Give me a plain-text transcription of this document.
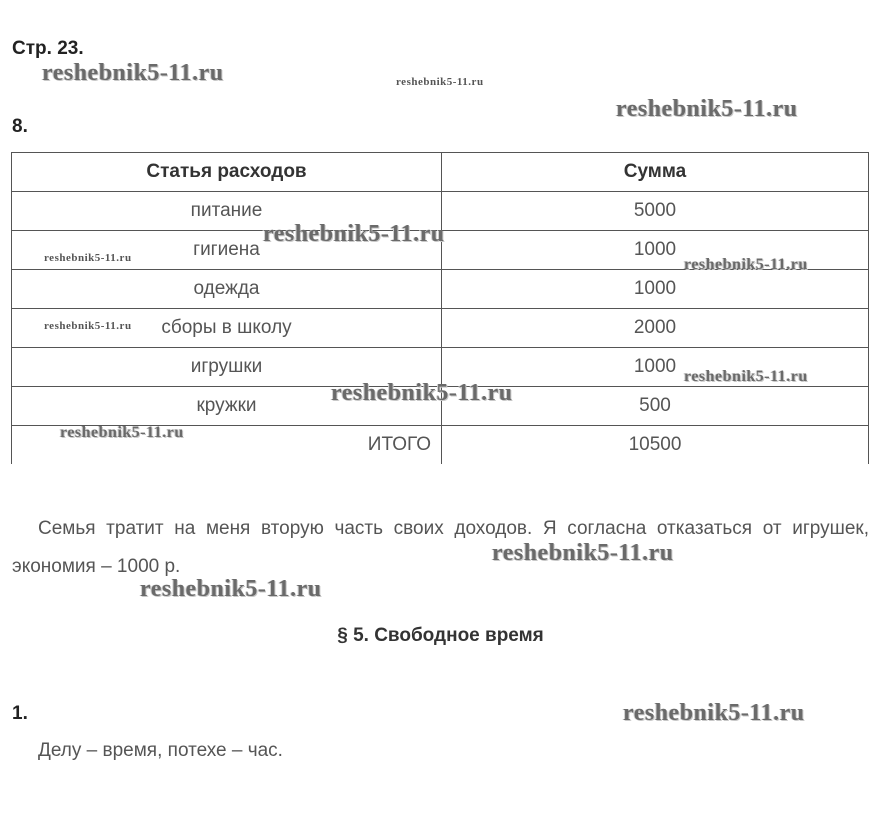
Стр. 23.
8.
Статья расходов	Сумма
питание	5000
гигиена	1000
одежда	1000
сборы в школу	2000
игрушки	1000
кружки	500
ИТОГО	10500

Семья тратит на меня вторую часть своих доходов. Я согласна отказаться от игрушек, экономия – 1000 р.

§ 5. Свободное время
1.
Делу – время, потехе – час.
reshebnik5-11.ru	reshebnik5-11.ru
reshebnik5-11.ru
reshebnik5-11.ru
reshebnik5-11.ru	reshebnik5-11.ru
reshebnik5-11.ru
reshebnik5-11.ru
reshebnik5-11.ru
reshebnik5-11.ru
reshebnik5-11.ru
reshebnik5-11.ru
reshebnik5-11.ru
